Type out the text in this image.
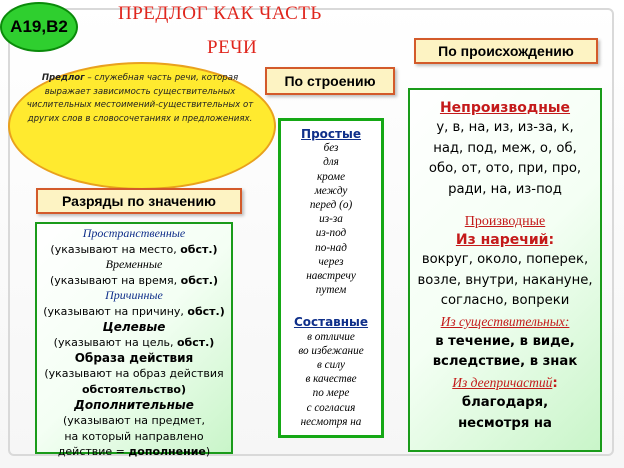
А19,В2
ПРЕДЛОГ КАК ЧАСТЬ
РЕЧИ	По происхождению
По строению
Предлог – служебная часть речи, которая выражает зависимость существительных числительных местоимений-существительных от других слов в словосочетаниях и предложениях.
Разряды по значению
Пространственные
(указывают на место, обст.)
Временные
(указывают на время, обст.)
Причинные
(указывают на причину, обст.)
Целевые
(указывают на цель, обст.)
Образа действия
(указывают на образ действия
обстоятельство)
Дополнительные
(указывают на предмет,
на который направлено
действие = дополнение)
Простые
без
для
кроме
между
перед (о)
из-за
из-под
по-над
через
навстречу
путем
Составные
в отличие
во избежание
в силу
в качестве
по мере
с согласия
несмотря на
Непроизводные
у, в, на, из, из-за, к,
над, под, меж, о, об,
обо, от, ото, при, про,
ради, на, из-под
Производные
Из наречий:
вокруг, около, поперек,
возле, внутри, накануне,
согласно, вопреки
Из существительных:
в течение, в виде,
вследствие, в знак
Из деепричастий:
благодаря,
несмотря на
